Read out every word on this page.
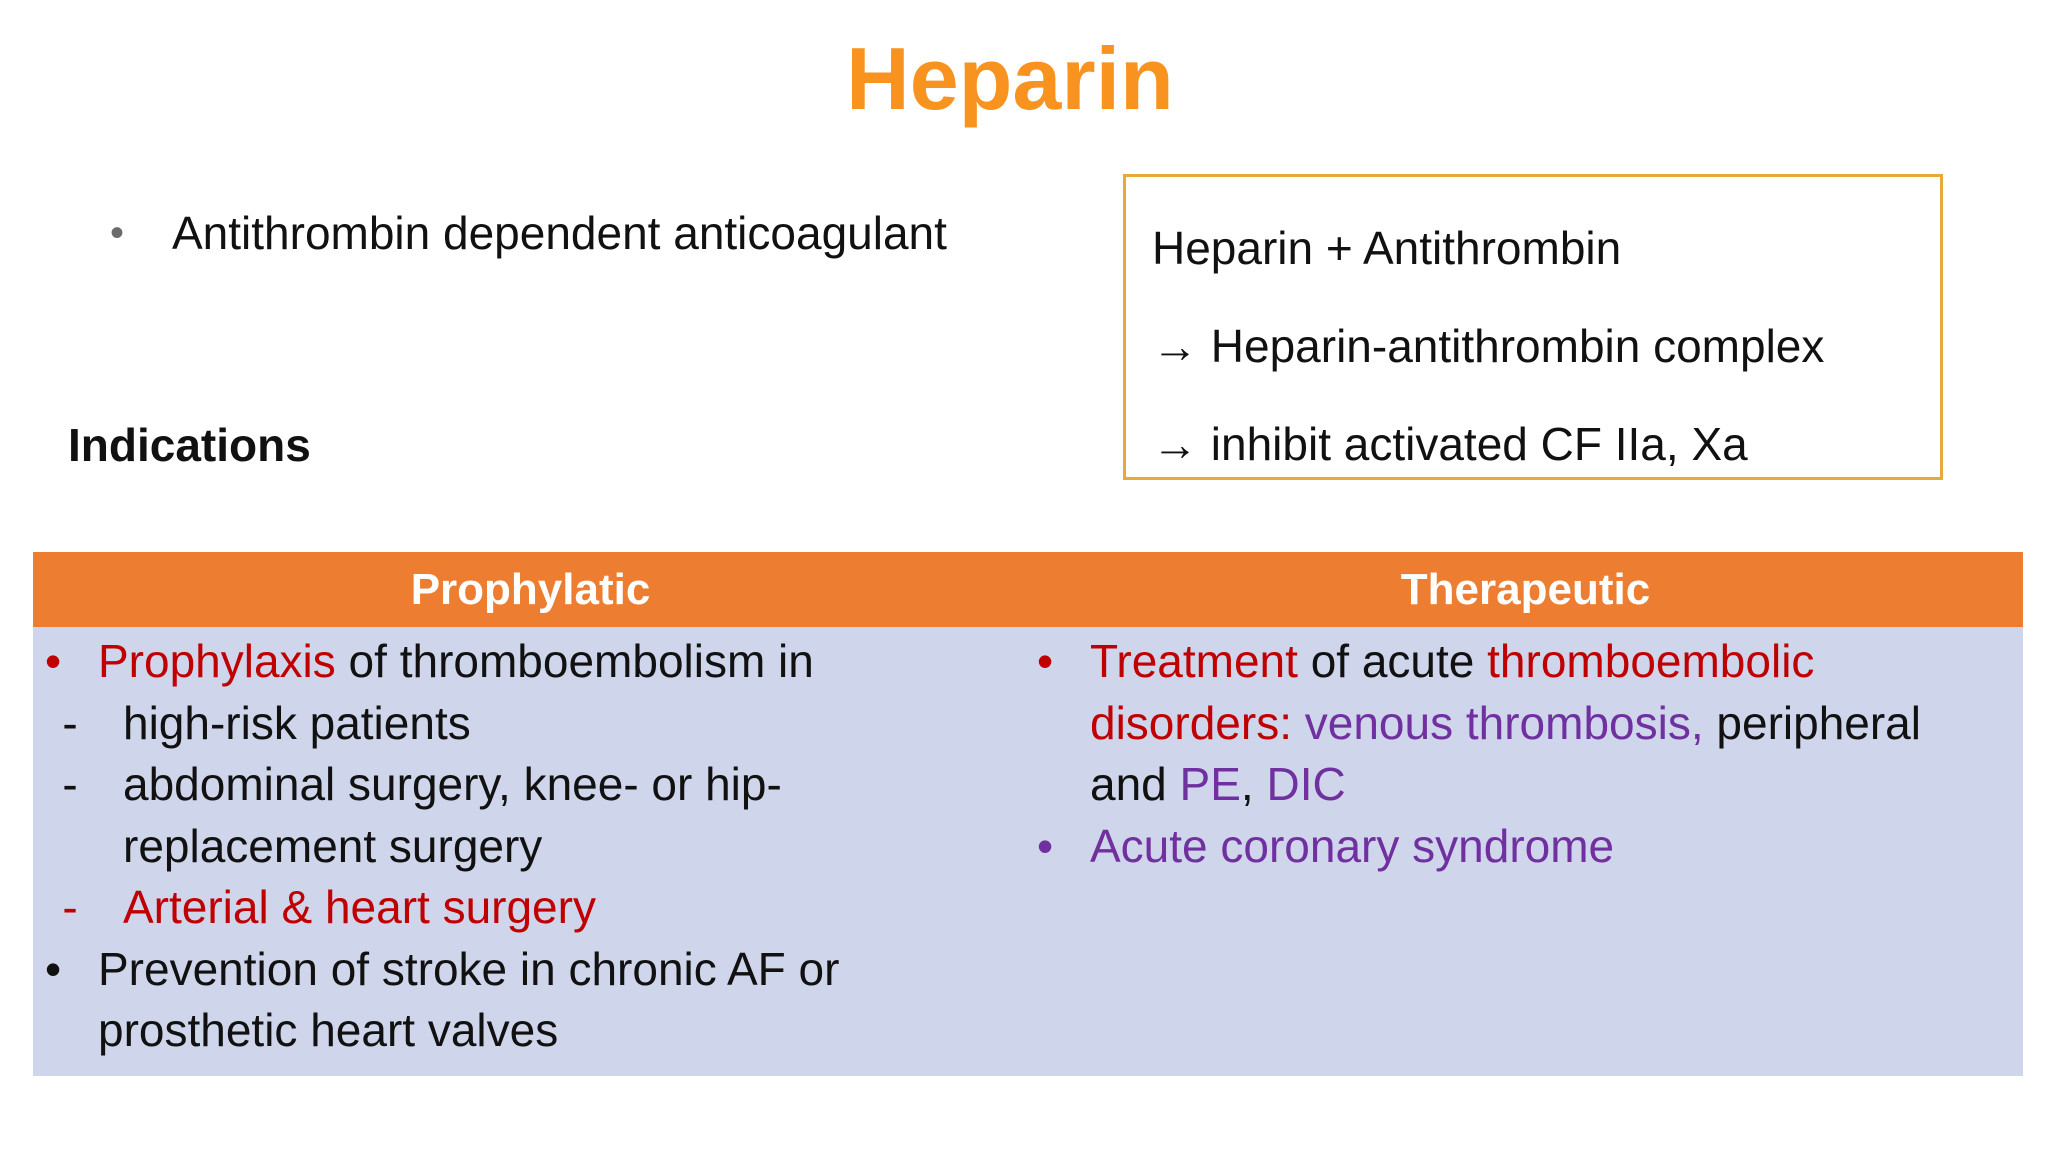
Heparin
•	Antithrombin dependent anticoagulant
Indications
Heparin + Antithrombin
→ Heparin-antithrombin complex
→ inhibit activated CF IIa, Xa
Prophylatic	Therapeutic
• Prophylaxis of thromboembolism in
- high-risk patients
- abdominal surgery, knee- or hip-
replacement surgery
- Arterial & heart surgery
• Prevention of stroke in chronic AF or
prosthetic heart valves
• Treatment of acute thromboembolic
disorders: venous thrombosis, peripheral
and PE, DIC
• Acute coronary syndrome
